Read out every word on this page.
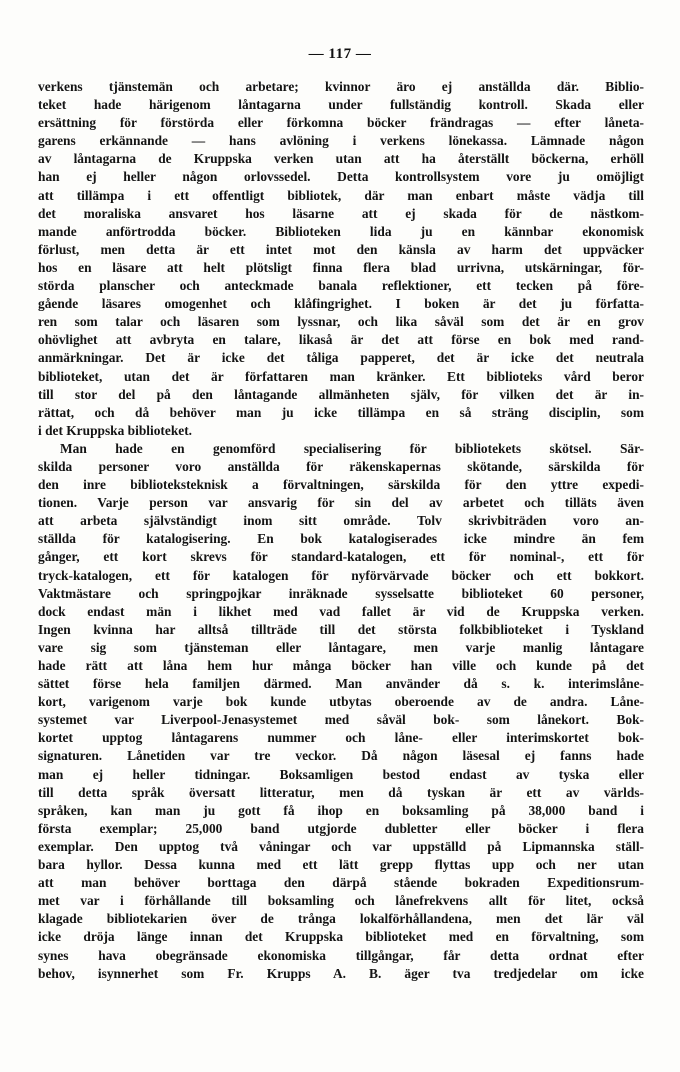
— 117 —
verkens tjänstemän och arbetare; kvinnor äro ej anställda där. Biblio-
teket hade härigenom låntagarna under fullständig kontroll. Skada eller
ersättning för förstörda eller förkomna böcker frändragas — efter låneta-
garens erkännande — hans avlöning i verkens lönekassa. Lämnade någon
av låntagarna de Kruppska verken utan att ha återställt böckerna, erhöll
han ej heller någon orlovssedel. Detta kontrollsystem vore ju omöjligt
att tillämpa i ett offentligt bibliotek, där man enbart måste vädja till
det moraliska ansvaret hos läsarne att ej skada för de nästkom-
mande anförtrodda böcker. Biblioteken lida ju en kännbar ekonomisk
förlust, men detta är ett intet mot den känsla av harm det uppväcker
hos en läsare att helt plötsligt finna flera blad urrivna, utskärningar, för-
störda planscher och anteckmade banala reflektioner, ett tecken på före-
gående läsares omogenhet och klåfingrighet. I boken är det ju författa-
ren som talar och läsaren som lyssnar, och lika såväl som det är en grov
ohövlighet att avbryta en talare, likaså är det att förse en bok med rand-
anmärkningar. Det är icke det tåliga papperet, det är icke det neutrala
biblioteket, utan det är författaren man kränker. Ett biblioteks vård beror
till stor del på den låntagande allmänheten själv, för vilken det är in-
rättat, och då behöver man ju icke tillämpa en så sträng disciplin, som
i det Kruppska biblioteket.
Man hade en genomförd specialisering för bibliotekets skötsel. Sär-
skilda personer voro anställda för räkenskapernas skötande, särskilda för
den inre biblioteksteknisk a förvaltningen, särskilda för den yttre expedi-
tionen. Varje person var ansvarig för sin del av arbetet och tilläts även
att arbeta självständigt inom sitt område. Tolv skrivbiträden voro an-
ställda för katalogisering. En bok katalogiserades icke mindre än fem
gånger, ett kort skrevs för standard-katalogen, ett för nominal-, ett för
tryck-katalogen, ett för katalogen för nyförvärvade böcker och ett bokkort.
Vaktmästare och springpojkar inräknade sysselsatte biblioteket 60 personer,
dock endast män i likhet med vad fallet är vid de Kruppska verken.
Ingen kvinna har alltså tillträde till det största folkbiblioteket i Tyskland
vare sig som tjänsteman eller låntagare, men varje manlig låntagare
hade rätt att låna hem hur många böcker han ville och kunde på det
sättet förse hela familjen därmed. Man använder då s. k. interimslåne-
kort, varigenom varje bok kunde utbytas oberoende av de andra. Låne-
systemet var Liverpool-Jenasystemet med såväl bok- som lånekort. Bok-
kortet upptog låntagarens nummer och låne- eller interimskortet bok-
signaturen. Lånetiden var tre veckor. Då någon läsesal ej fanns hade
man ej heller tidningar. Boksamligen bestod endast av tyska eller
till detta språk översatt litteratur, men då tyskan är ett av världs-
språken, kan man ju gott få ihop en boksamling på 38,000 band i
första exemplar; 25,000 band utgjorde dubletter eller böcker i flera
exemplar. Den upptog två våningar och var uppställd på Lipmannska ställ-
bara hyllor. Dessa kunna med ett lätt grepp flyttas upp och ner utan
att man behöver borttaga den därpå stående bokraden Expeditionsrum-
met var i förhållande till boksamling och lånefrekvens allt för litet, också
klagade bibliotekarien över de trånga lokalförhållandena, men det lär väl
icke dröja länge innan det Kruppska biblioteket med en förvaltning, som
synes hava obegränsade ekonomiska tillgångar, får detta ordnat efter
behov, isynnerhet som Fr. Krupps A. B. äger tva tredjedelar om icke
